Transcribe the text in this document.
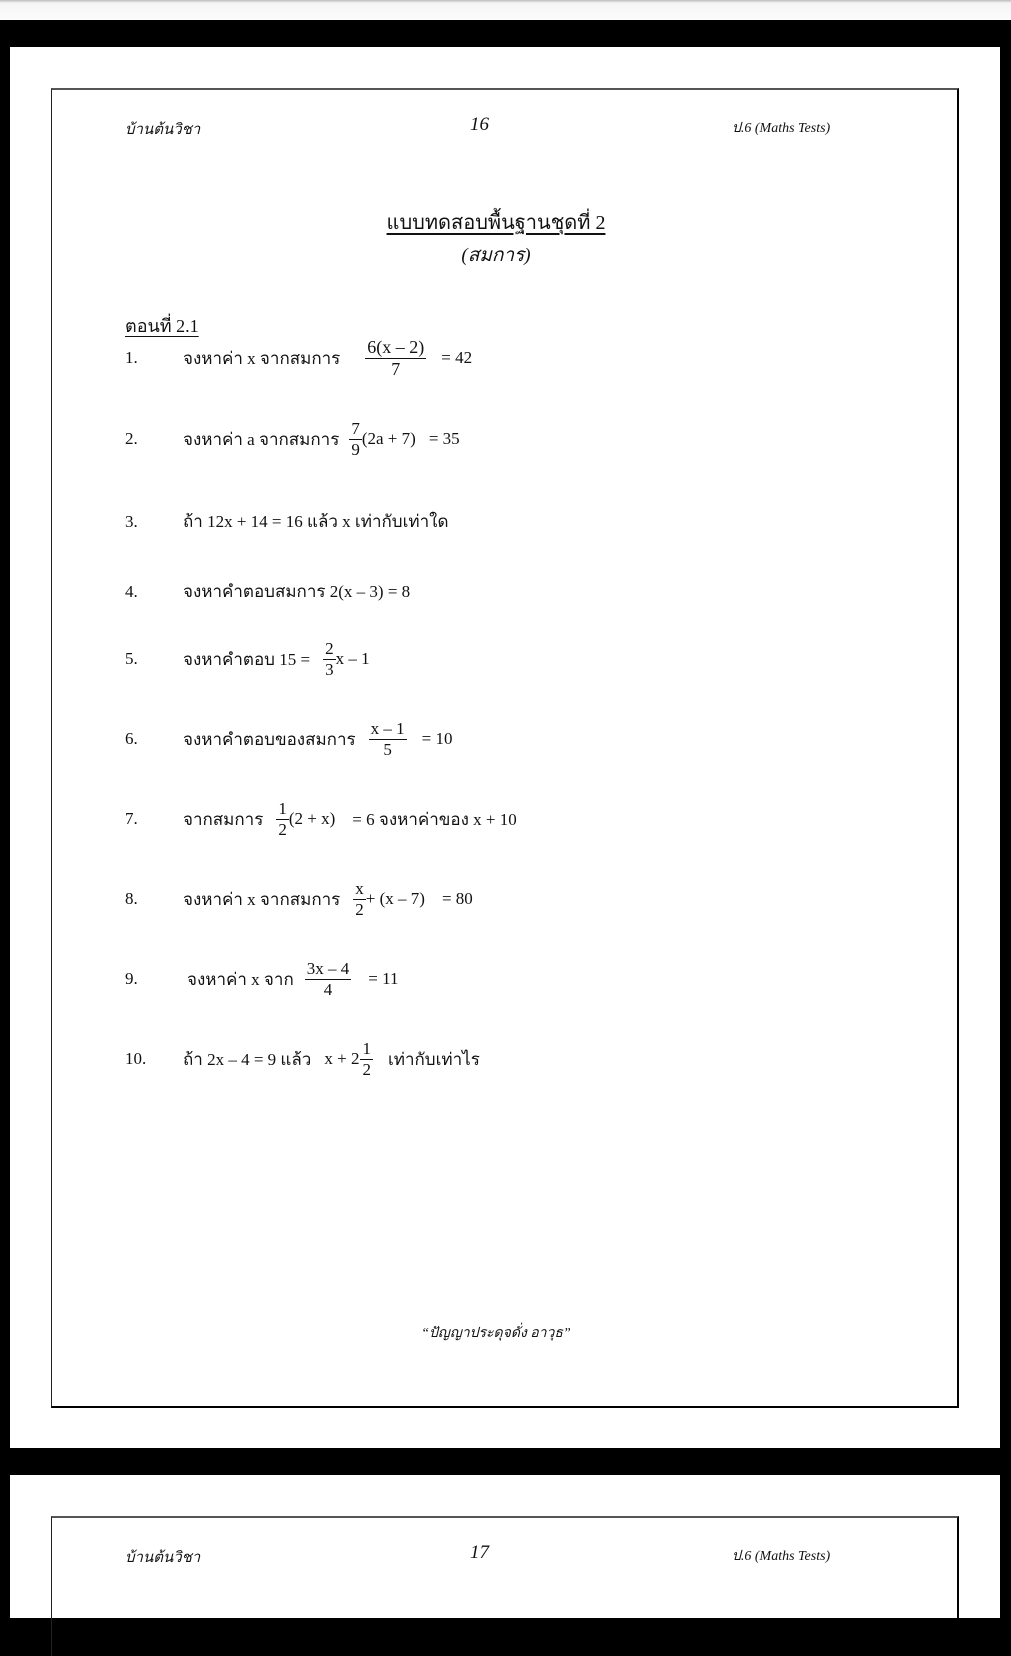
บ้านต้นวิชา	16	ป.6 (Maths Tests)
แบบทดสอบพื้นฐานชุดที่ 2
(สมการ)
ตอนที่ 2.1
1.	จงหาค่า x จากสมการ $\frac{6(x - 2)}{7} = 42$
2.	จงหาค่า a จากสมการ $\frac{7}{9} (2a + 7) = 35$
3.	ถ้า 12x + 14 = 16 แล้ว x เท่ากับเท่าใด
4.	จงหาคำตอบสมการ 2(x – 3) = 8
5.	จงหาคำตอบ $15 = \frac{2}{3}$ x – 1
6.	จงหาคำตอบของสมการ $\frac{x - 1}{5} = 10$
7.	จากสมการ $\frac{1}{2} (2 + x) = 6$ จงหาค่าของ x + 10
8.	จงหาค่า x จากสมการ $\frac{x}{2} + (x - 7) = 80$
9.	จงหาค่า x จาก $\frac{3x - 4}{4} = 11$
10.	ถ้า 2x – 4 = 9 แล้ว $x + 2 \frac{1}{2}$ เท่ากับเท่าไร
“ปัญญาประดุจดั่ง อาวุธ”
บ้านต้นวิชา	17	ป.6 (Maths Tests)
